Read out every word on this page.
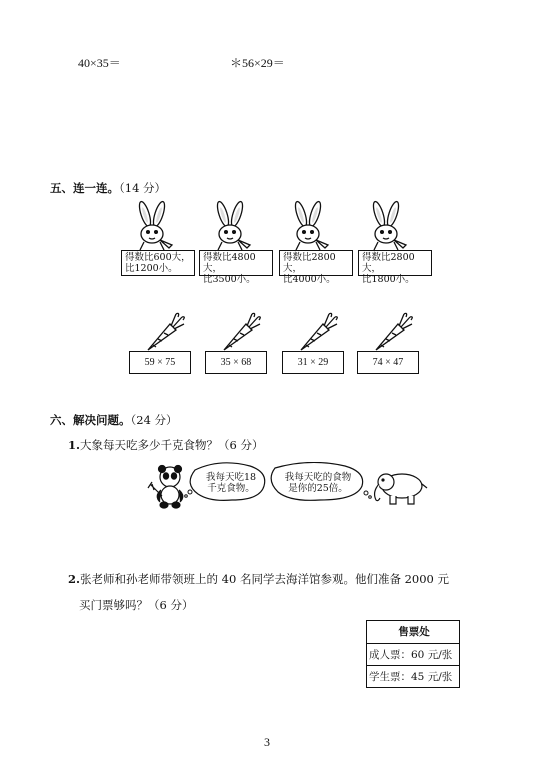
40×35＝	＊56×29＝
五、连一连。（14 分）
得数比600大，
比1200小。
得数比4800大，
比3500小。
得数比2800大，
比4000小。
得数比2800大，
比1800小。
59 × 75	35 × 68	31 × 29	74 × 47
六、解决问题。（24 分）
1.大象每天吃多少千克食物？（6 分）
我每天吃18
千克食物。
我每天吃的食物
是你的25倍。
2.张老师和孙老师带领班上的 40 名同学去海洋馆参观。他们准备 2000 元
买门票够吗？（6 分）
售票处
成人票：60 元/张
学生票：45 元/张
3
